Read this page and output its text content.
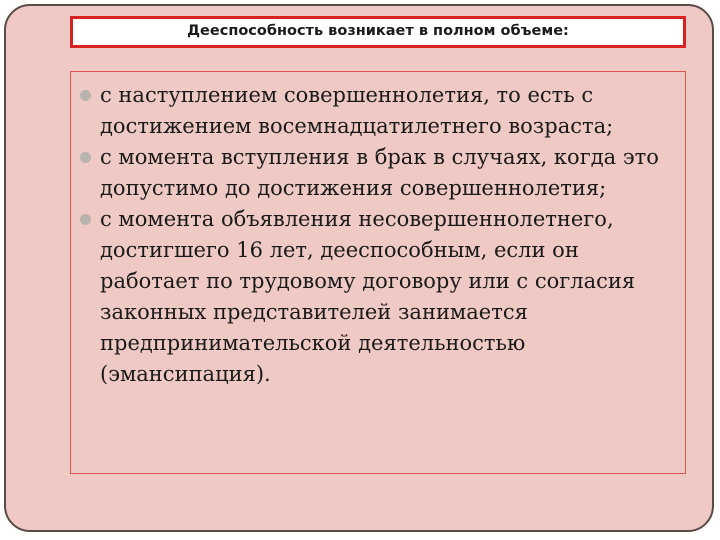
Дееспособность возникает в полном объеме:
с наступлением совершеннолетия, то есть с достижением восемнадцатилетнего возраста;
с момента вступления в брак в случаях, когда это допустимо до достижения совершеннолетия;
с момента объявления несовершеннолетнего, достигшего 16 лет, дееспособным, если он работает по трудовому договору или с согласия законных представителей занимается предпринимательской деятельностью (эмансипация).
